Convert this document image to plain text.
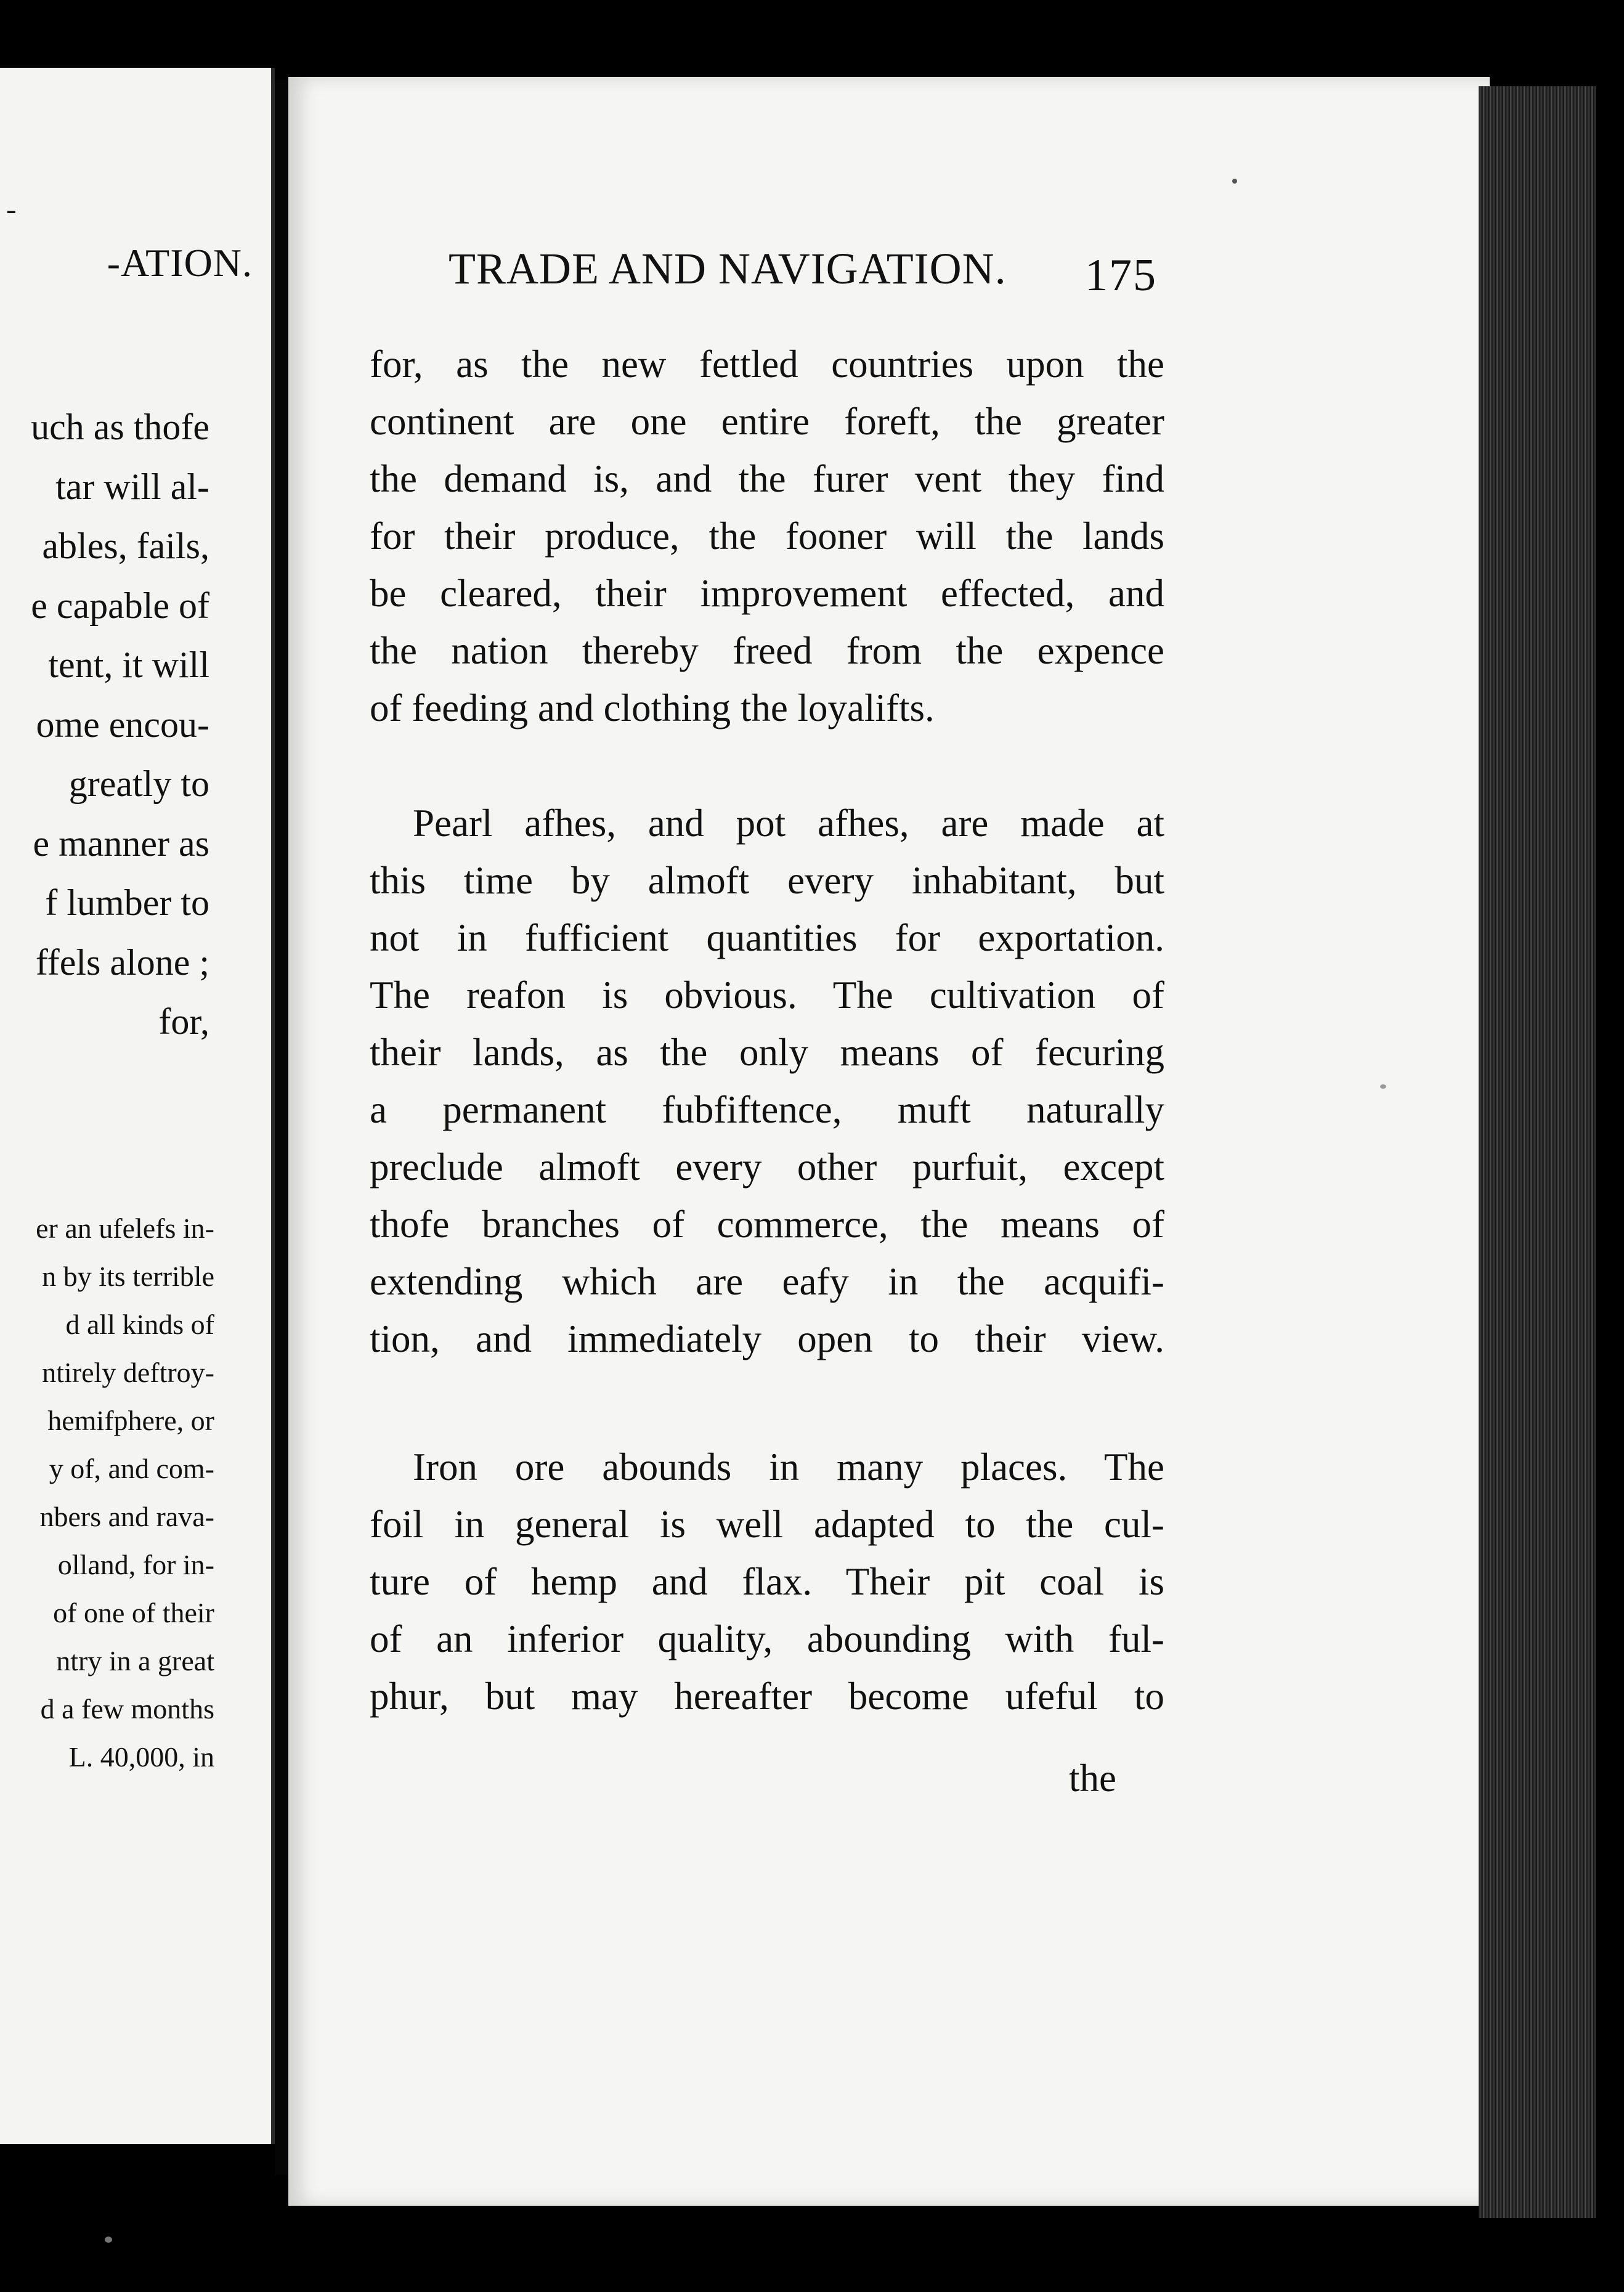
-
-ATION.
uch as thofe
tar will al-
ables, fails,
e capable of
tent, it will
ome encou-
greatly to
e manner as
f lumber to
ffels alone ;
for,
er an ufelefs in-
n by its terrible
d all kinds of
ntirely deftroy-
hemifphere, or
y of, and com-
nbers and rava-
olland, for in-
of one of their
ntry in a great
d a few months
L. 40,000, in
TRADE AND NAVIGATION. 175
for, as the new fettled countries upon the
continent are one entire foreft, the greater
the demand is, and the furer vent they find
for their produce, the fooner will the lands
be cleared, their improvement effected, and
the nation thereby freed from the expence
of feeding and clothing the loyalifts.
Pearl afhes, and pot afhes, are made at
this time by almoft every inhabitant, but
not in fufficient quantities for exportation.
The reafon is obvious. The cultivation of
their lands, as the only means of fecuring
a permanent fubfiftence, muft naturally
preclude almoft every other purfuit, except
thofe branches of commerce, the means of
extending which are eafy in the acquifi-
tion, and immediately open to their view.
Iron ore abounds in many places. The
foil in general is well adapted to the cul-
ture of hemp and flax. Their pit coal is
of an inferior quality, abounding with ful-
phur, but may hereafter become ufeful to
the
